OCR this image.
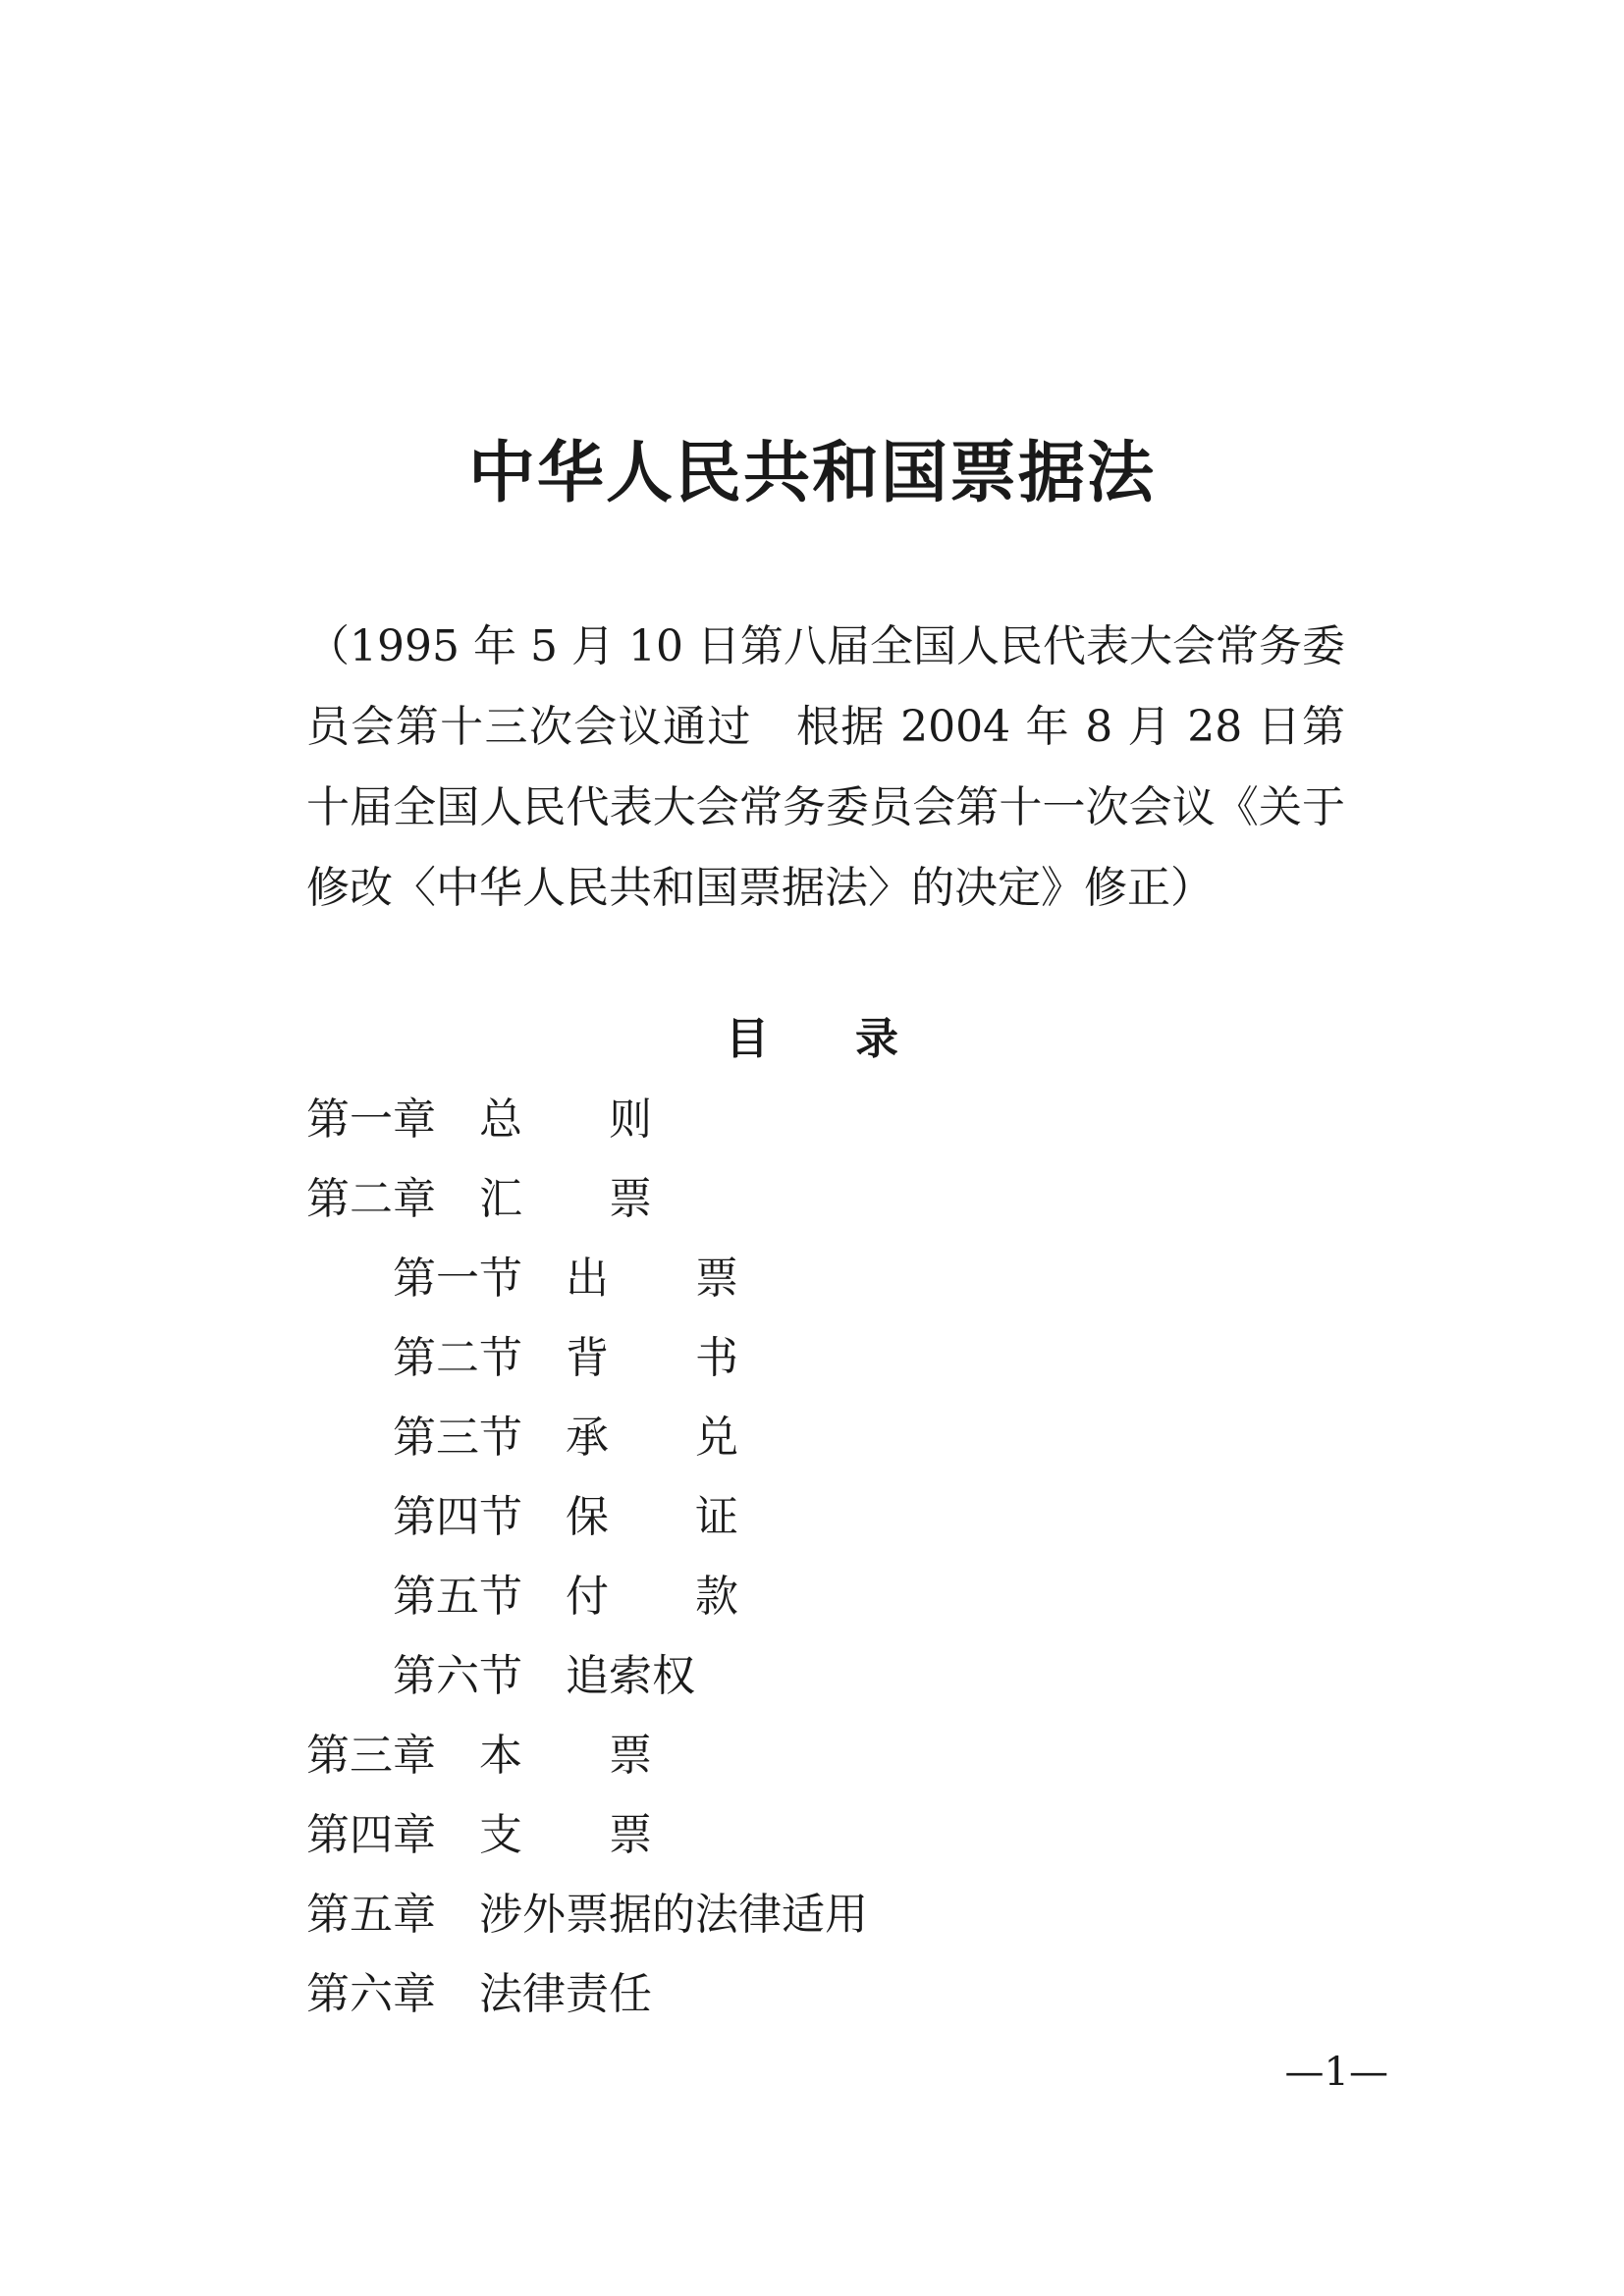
中华人民共和国票据法

（1995 年 5 月 10 日第八届全国人民代表大会常务委员会第十三次会议通过　根据 2004 年 8 月 28 日第十届全国人民代表大会常务委员会第十一次会议《关于修改〈中华人民共和国票据法〉的决定》修正）

目录
第一章 总则
第二章 汇票
第一节 出票
第二节 背书
第三节 承兑
第四节 保证
第五节 付款
第六节 追索权
第三章 本票
第四章 支票
第五章 涉外票据的法律适用
第六章 法律责任

—1—
